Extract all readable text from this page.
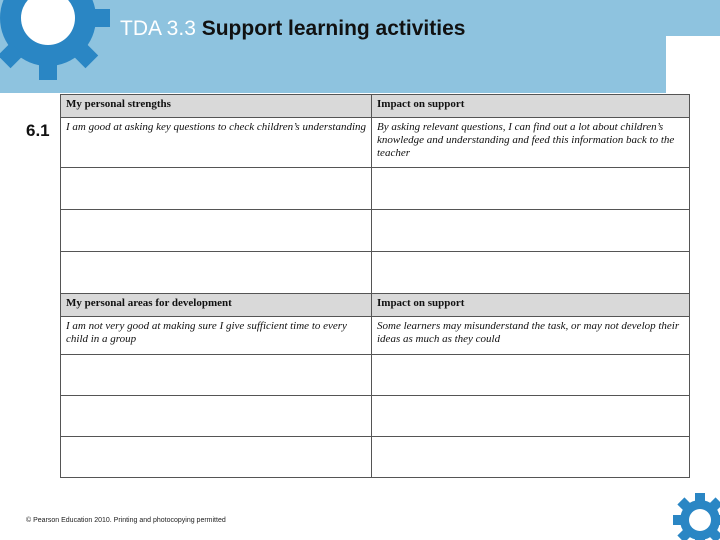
TDA 3.3 Support learning activities
6.1
My personal strengths	Impact on support
I am good at asking key questions to check children’s understanding	By asking relevant questions, I can find out a lot about children’s knowledge and understanding and feed this information back to the teacher

My personal areas for development	Impact on support
I am not very good at making sure I give sufficient time to every child in a group	Some learners may misunderstand the task, or may not develop their ideas as much as they could

© Pearson Education 2010. Printing and photocopying permitted
